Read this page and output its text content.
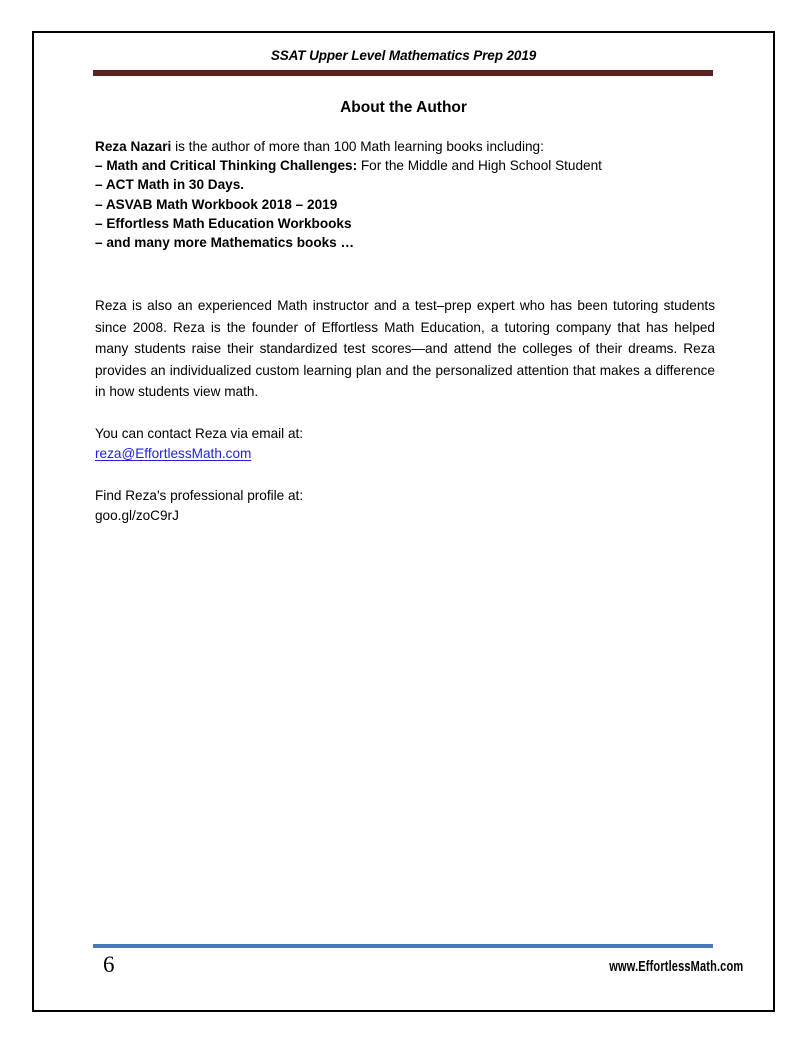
SSAT Upper Level Mathematics Prep 2019
About the Author
Reza Nazari is the author of more than 100 Math learning books including:
– Math and Critical Thinking Challenges: For the Middle and High School Student
– ACT Math in 30 Days.
– ASVAB Math Workbook 2018 – 2019
– Effortless Math Education Workbooks
– and many more Mathematics books …
Reza is also an experienced Math instructor and a test–prep expert who has been tutoring students since 2008. Reza is the founder of Effortless Math Education, a tutoring company that has helped many students raise their standardized test scores—and attend the colleges of their dreams. Reza provides an individualized custom learning plan and the personalized attention that makes a difference in how students view math.
You can contact Reza via email at:
reza@EffortlessMath.com
Find Reza's professional profile at:
goo.gl/zoC9rJ
6	www.EffortlessMath.com
